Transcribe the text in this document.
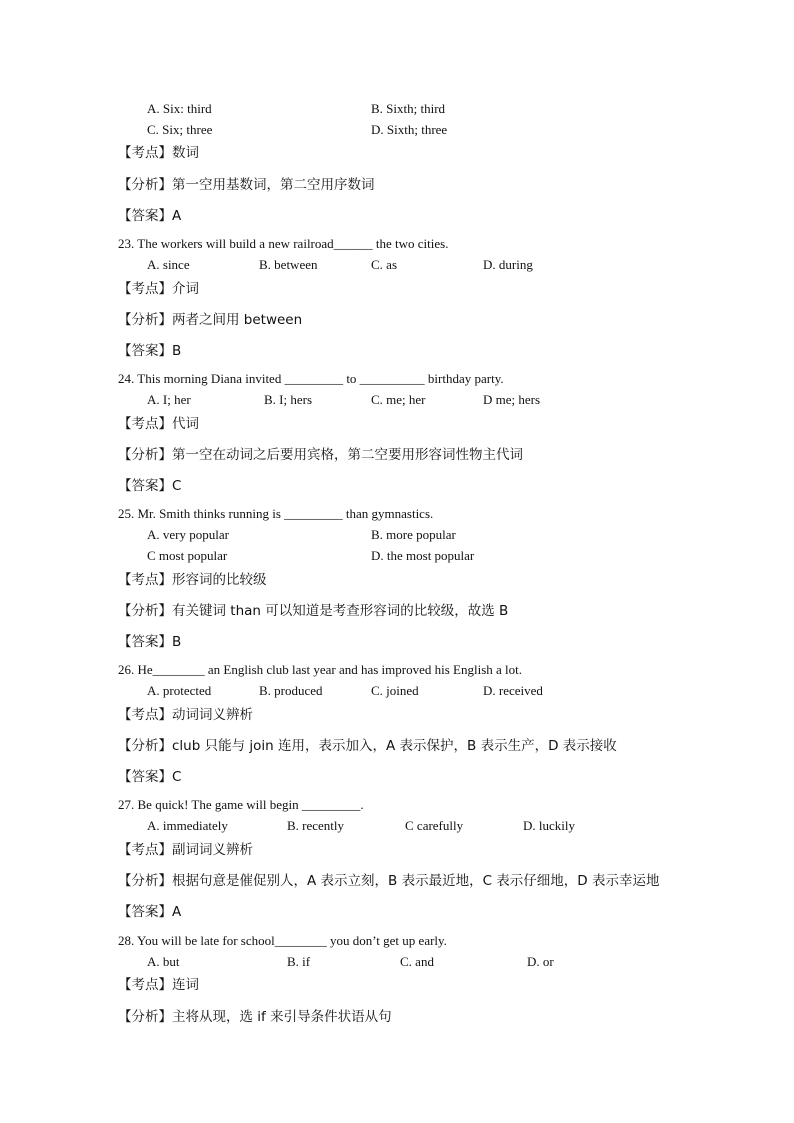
A. Six: third	B. Sixth; third
C. Six; three	D. Sixth; three
【考点】数词
【分析】第一空用基数词，第二空用序数词
【答案】A
23. The workers will build a new railroad______ the two cities.
A. since	B. between	C. as	D. during
【考点】介词
【分析】两者之间用 between
【答案】B
24. This morning Diana invited _________ to __________ birthday party.
A. I; her	B. I; hers	C. me; her	D me; hers
【考点】代词
【分析】第一空在动词之后要用宾格，第二空要用形容词性物主代词
【答案】C
25. Mr. Smith thinks running is _________ than gymnastics.
A. very popular	B. more popular
C most popular	D. the most popular
【考点】形容词的比较级
【分析】有关键词 than 可以知道是考查形容词的比较级，故选 B
【答案】B
26. He________ an English club last year and has improved his English a lot.
A. protected	B. produced	C. joined	D. received
【考点】动词词义辨析
【分析】club 只能与 join 连用，表示加入，A 表示保护，B 表示生产，D 表示接收
【答案】C
27. Be quick! The game will begin _________.
A. immediately	B. recently	C carefully	D. luckily
【考点】副词词义辨析
【分析】根据句意是催促别人，A 表示立刻，B 表示最近地，C 表示仔细地，D 表示幸运地
【答案】A
28. You will be late for school________ you don’t get up early.
A. but	B. if	C. and	D. or
【考点】连词
【分析】主将从现，选 if 来引导条件状语从句
